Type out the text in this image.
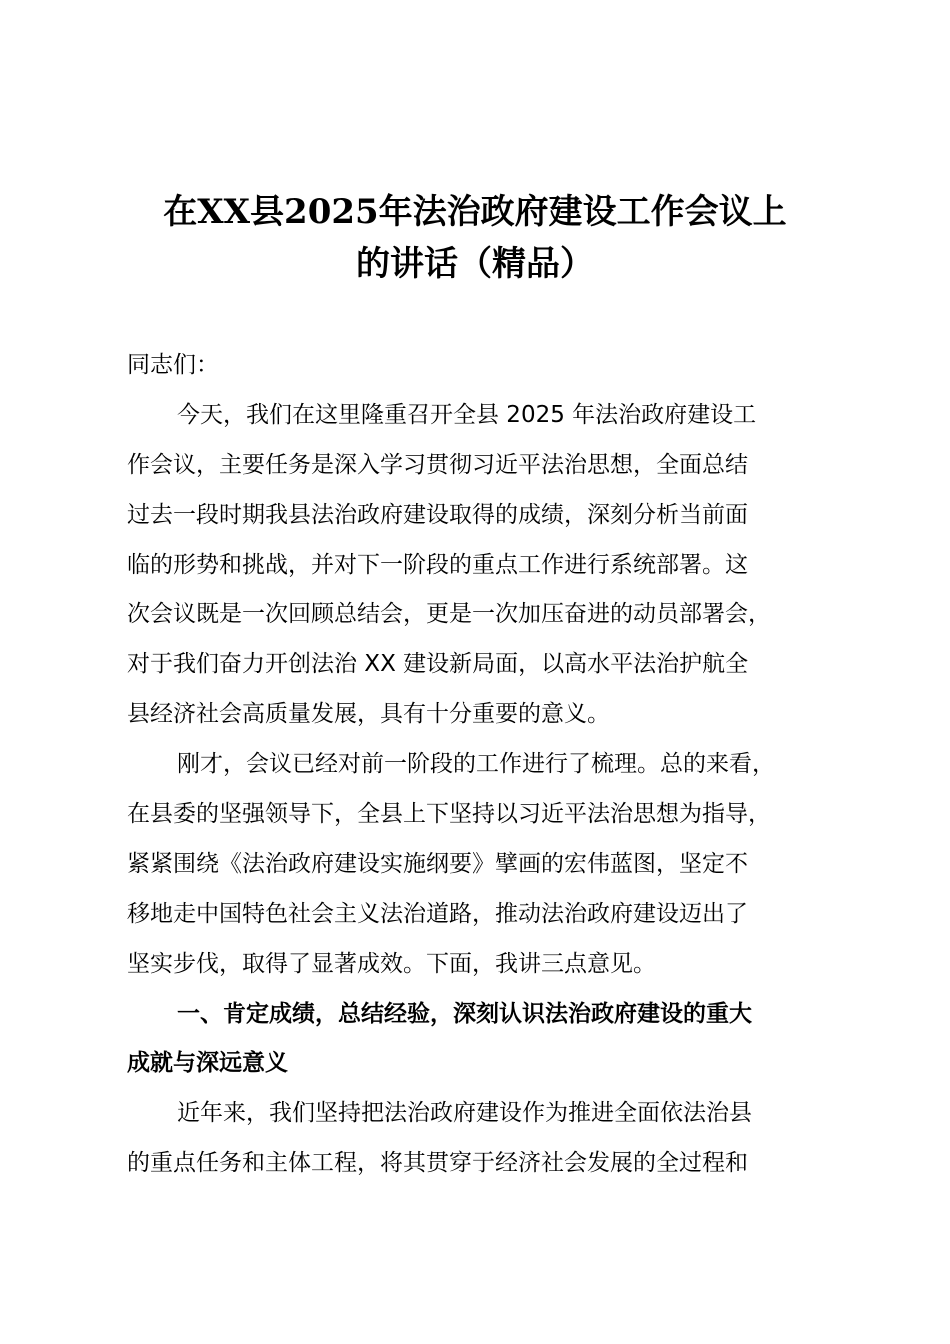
在XX县2025年法治政府建设工作会议上
的讲话（精品）
同志们：
今天，我们在这里隆重召开全县 2025 年法治政府建设工
作会议，主要任务是深入学习贯彻习近平法治思想，全面总结
过去一段时期我县法治政府建设取得的成绩，深刻分析当前面
临的形势和挑战，并对下一阶段的重点工作进行系统部署。这
次会议既是一次回顾总结会，更是一次加压奋进的动员部署会，
对于我们奋力开创法治 XX 建设新局面，以高水平法治护航全
县经济社会高质量发展，具有十分重要的意义。
刚才，会议已经对前一阶段的工作进行了梳理。总的来看，
在县委的坚强领导下，全县上下坚持以习近平法治思想为指导，
紧紧围绕《法治政府建设实施纲要》擘画的宏伟蓝图，坚定不
移地走中国特色社会主义法治道路，推动法治政府建设迈出了
坚实步伐，取得了显著成效。下面，我讲三点意见。
一、肯定成绩，总结经验，深刻认识法治政府建设的重大
成就与深远意义
近年来，我们坚持把法治政府建设作为推进全面依法治县
的重点任务和主体工程，将其贯穿于经济社会发展的全过程和
